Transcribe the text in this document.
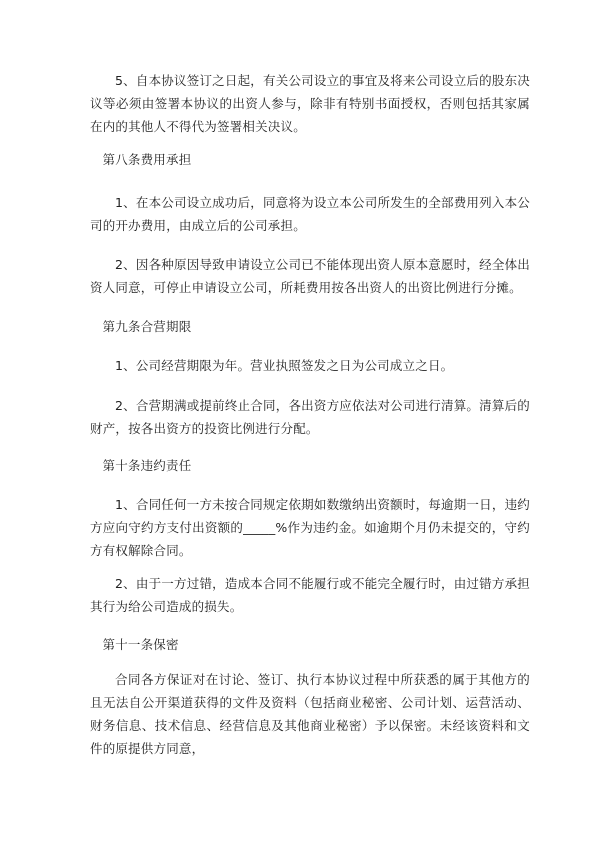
5、自本协议签订之日起，有关公司设立的事宜及将来公司设立后的股东决议等必须由签署本协议的出资人参与，除非有特别书面授权，否则包括其家属在内的其他人不得代为签署相关决议。

第八条费用承担

1、在本公司设立成功后，同意将为设立本公司所发生的全部费用列入本公司的开办费用，由成立后的公司承担。

2、因各种原因导致申请设立公司已不能体现出资人原本意愿时，经全体出资人同意，可停止申请设立公司，所耗费用按各出资人的出资比例进行分摊。

第九条合营期限

1、公司经营期限为年。营业执照签发之日为公司成立之日。

2、合营期满或提前终止合同，各出资方应依法对公司进行清算。清算后的财产，按各出资方的投资比例进行分配。

第十条违约责任

1、合同任何一方未按合同规定依期如数缴纳出资额时，每逾期一日，违约方应向守约方支付出资额的_____%作为违约金。如逾期个月仍未提交的，守约方有权解除合同。

2、由于一方过错，造成本合同不能履行或不能完全履行时，由过错方承担其行为给公司造成的损失。

第十一条保密

合同各方保证对在讨论、签订、执行本协议过程中所获悉的属于其他方的且无法自公开渠道获得的文件及资料（包括商业秘密、公司计划、运营活动、财务信息、技术信息、经营信息及其他商业秘密）予以保密。未经该资料和文件的原提供方同意，
